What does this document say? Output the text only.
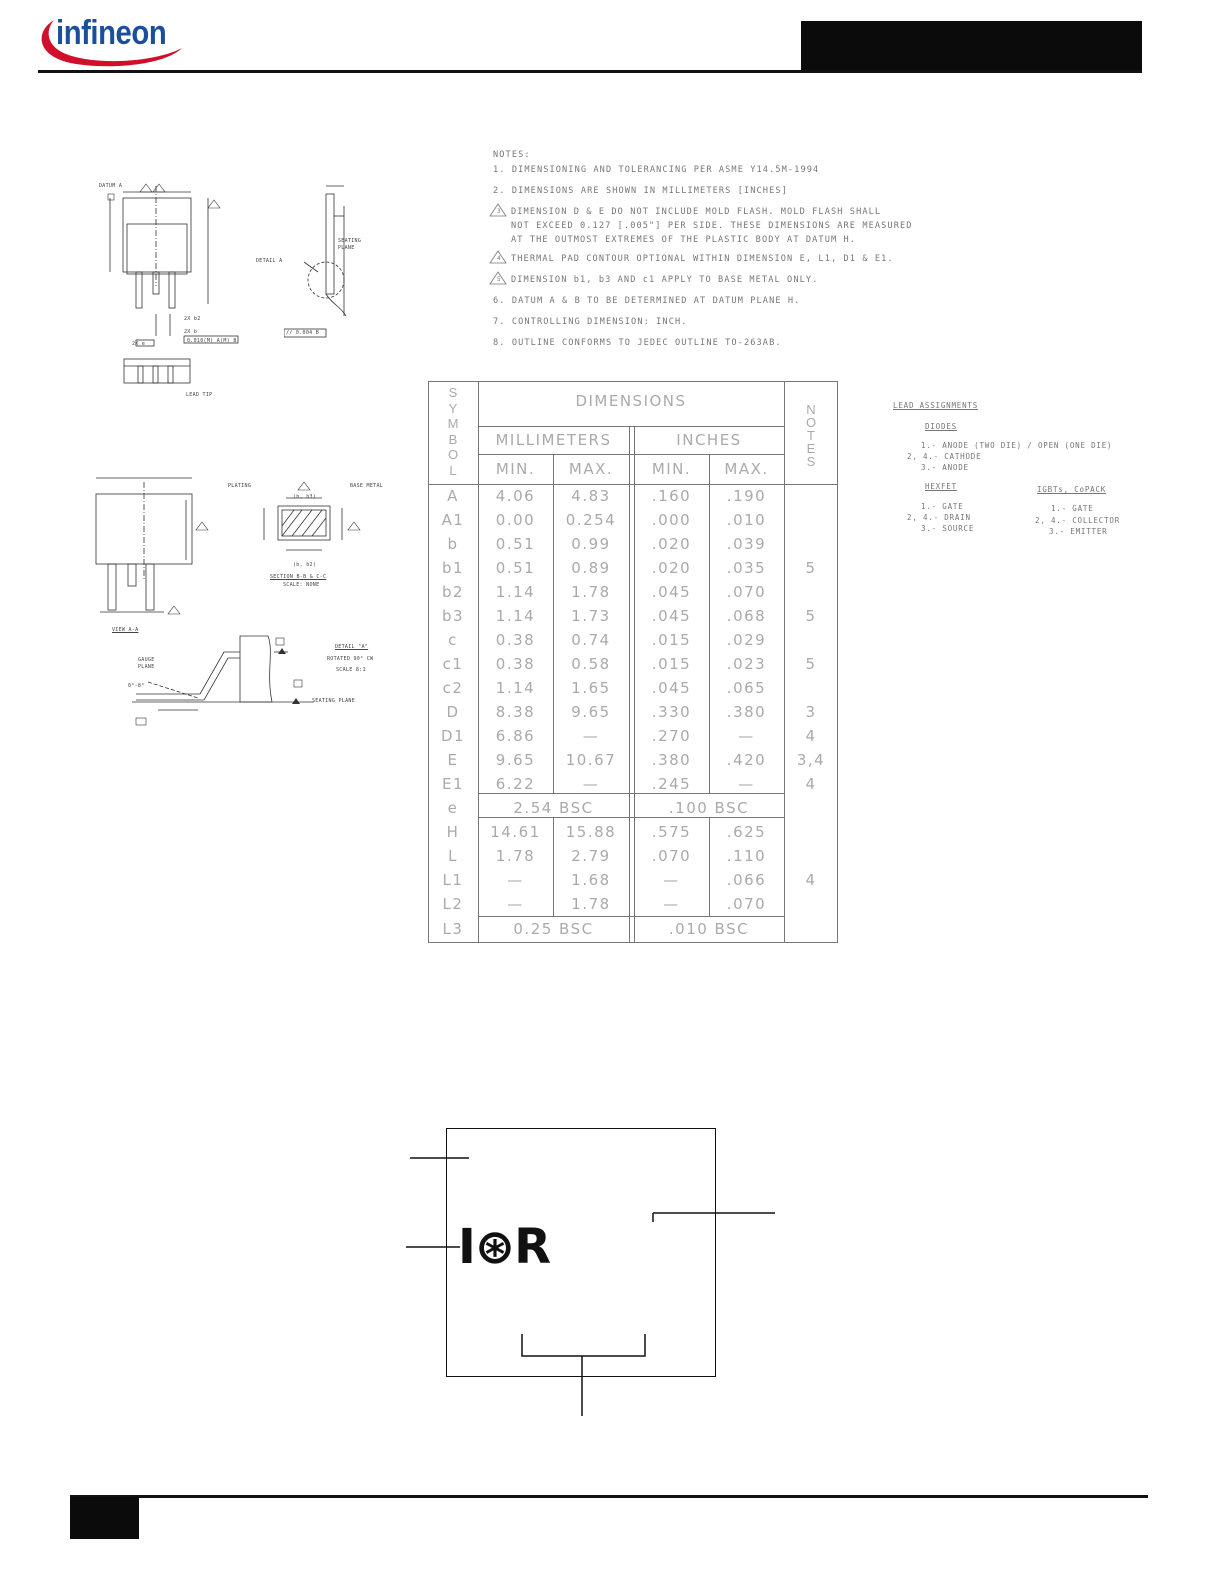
infineon
NOTES:
1. DIMENSIONING AND TOLERANCING PER ASME Y14.5M-1994
2. DIMENSIONS ARE SHOWN IN MILLIMETERS [INCHES]

3

DIMENSION D & E DO NOT INCLUDE MOLD FLASH. MOLD FLASH SHALL
NOT EXCEED 0.127 [.005"] PER SIDE. THESE DIMENSIONS ARE MEASURED
AT THE OUTMOST EXTREMES OF THE PLASTIC BODY AT DATUM H.

4

THERMAL PAD CONTOUR OPTIONAL WITHIN DIMENSION E, L1, D1 & E1.

5

DIMENSION b1, b3 AND c1 APPLY TO BASE METAL ONLY.

6. DATUM A & B TO BE DETERMINED AT DATUM PLANE H.
7. CONTROLLING DIMENSION: INCH.
8. OUTLINE CONFORMS TO JEDEC OUTLINE TO-263AB.
DIMENSIONS
MILLIMETERS	INCHES
MIN.	MAX.	MIN.	MAX.
S
Y
M
B
O
L
N
O
T
E
S
A	4.06	4.83	.160	.190
A1	0.00	0.254	.000	.010
b	0.51	0.99	.020	.039
b1	0.51	0.89	.020	.035	5
b2	1.14	1.78	.045	.070
b3	1.14	1.73	.045	.068	5
c	0.38	0.74	.015	.029
c1	0.38	0.58	.015	.023	5
c2	1.14	1.65	.045	.065
D	8.38	9.65	.330	.380	3
D1	6.86	—	.270	—	4
E	9.65	10.67	.380	.420	3,4
E1	6.22	—	.245	—	4
e	2.54 BSC	.100 BSC
H	14.61	15.88	.575	.625
L	1.78	2.79	.070	.110
L1	—	1.68	—	.066	4
L2	—	1.78	—	.070
L3	0.25 BSC	.010 BSC
LEAD ASSIGNMENTS
DIODES
1.- ANODE (TWO DIE) / OPEN (ONE DIE)
2, 4.- CATHODE
3.- ANODE
HEXFET
1.- GATE
2, 4.- DRAIN
3.- SOURCE
IGBTs, CoPACK
1.- GATE
2, 4.- COLLECTOR
3.- EMITTER
DATUM A
2X b2
2X b
0.010(M) A(M) B
2X e
LEAD TIP
DETAIL A
SEATING PLANE
// 0.004 B
VIEW A-A
PLATING	BASE METAL
(b, b3)
(b, b2)
SECTION B-B & C-C
SCALE: NONE
GAUGE PLANE
0°-8°
DETAIL "A"
ROTATED 90° CW
SCALE 8:1
SEATING PLANE
I⊛R
